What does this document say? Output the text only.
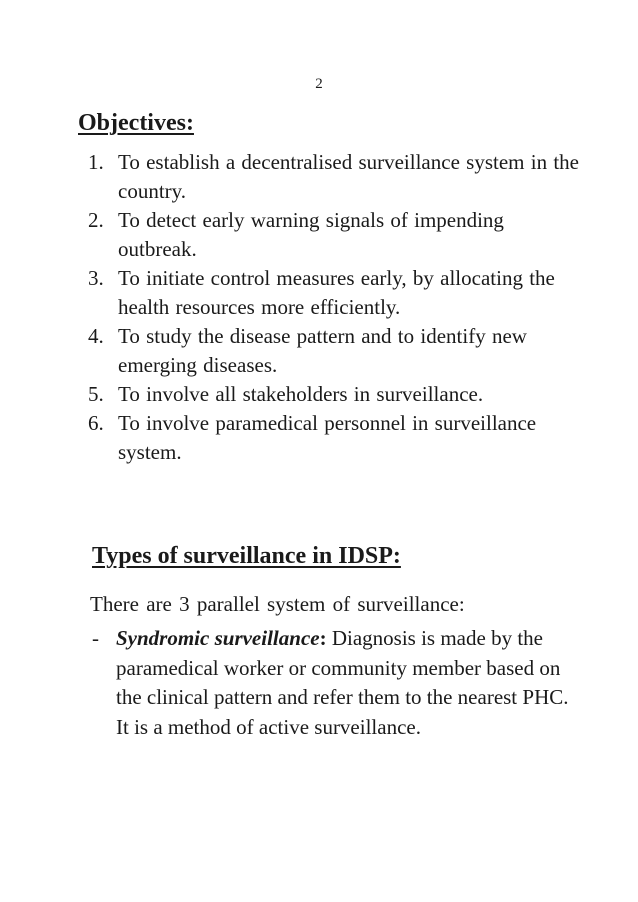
2
Objectives:
1. To establish a decentralised surveillance system in the country.
2. To detect early warning signals of impending outbreak.
3. To initiate control measures early, by allocating the health resources more efficiently.
4. To study the disease pattern and to identify new emerging diseases.
5. To involve all stakeholders in surveillance.
6. To involve paramedical personnel in surveillance system.
Types of surveillance in IDSP:

There are 3 parallel system of surveillance:

- Syndromic surveillance: Diagnosis is made by the paramedical worker or community member based on the clinical pattern and refer them to the nearest PHC. It is a method of active surveillance.
